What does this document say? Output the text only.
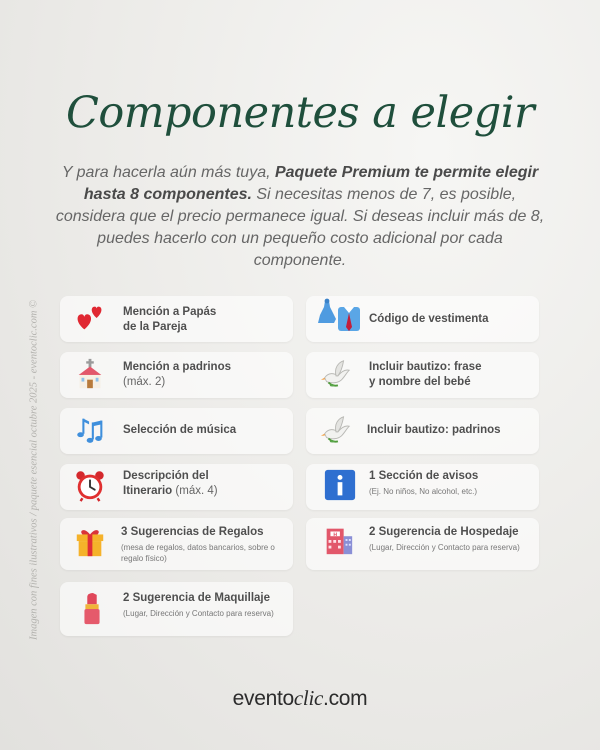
Componentes a elegir
Y para hacerla aún más tuya, Paquete Premium te permite elegir hasta 8 componentes. Si necesitas menos de 7, es posible, considera que el precio permanece igual. Si deseas incluir más de 8, puedes hacerlo con un pequeño costo adicional por cada componente.
Imagen con fines ilustrativos / paquete esencial octubre 2025 - eventoclic.com ©	Mención a Papás
de la Pareja
Código de vestimenta
Mención a padrinos
(máx. 2)
Incluir bautizo: frase
y nombre del bebé
Selección de música	Incluir bautizo: padrinos
Descripción del
Itinerario (máx. 4)
1 Sección de avisos
(Ej. No niños, No alcohol, etc.)
3 Sugerencias de Regalos
(mesa de regalos, datos bancarios, sobre o regalo físico)
H	2 Sugerencia de Hospedaje
(Lugar, Dirección y Contacto para reserva)
2 Sugerencia de Maquillaje
(Lugar, Dirección y Contacto para reserva)
eventoclic.com
